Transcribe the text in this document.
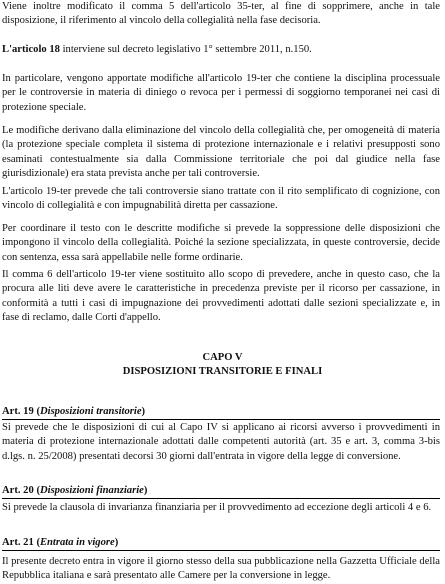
Viene inoltre modificato il comma 5 dell'articolo 35-ter, al fine di sopprimere, anche in tale disposizione, il riferimento al vincolo della collegialità nella fase decisoria.

L'articolo 18 interviene sul decreto legislativo 1° settembre 2011, n.150.

In particolare, vengono apportate modifiche all'articolo 19-ter che contiene la disciplina processuale per le controversie in materia di diniego o revoca per i permessi di soggiorno temporanei nei casi di protezione speciale.

Le modifiche derivano dalla eliminazione del vincolo della collegialità che, per omogeneità di materia (la protezione speciale completa il sistema di protezione internazionale e i relativi presupposti sono esaminati contestualmente sia dalla Commissione territoriale che poi dal giudice nella fase giurisdizionale) era stata prevista anche per tali controversie.

L'articolo 19-ter prevede che tali controversie siano trattate con il rito semplificato di cognizione, con vincolo di collegialità e con impugnabilità diretta per cassazione.

Per coordinare il testo con le descritte modifiche si prevede la soppressione delle disposizioni che impongono il vincolo della collegialità. Poiché la sezione specializzata, in queste controversie, decide con sentenza, essa sarà appellabile nelle forme ordinarie.

Il comma 6 dell'articolo 19-ter viene sostituito allo scopo di prevedere, anche in questo caso, che la procura alle liti deve avere le caratteristiche in precedenza previste per il ricorso per cassazione, in conformità a tutti i casi di impugnazione dei provvedimenti adottati dalle sezioni specializzate e, in fase di reclamo, dalle Corti d'appello.

CAPO V

DISPOSIZIONI TRANSITORIE E FINALI

Art. 19 (Disposizioni transitorie)

Si prevede che le disposizioni di cui al Capo IV si applicano ai ricorsi avverso i provvedimenti in materia di protezione internazionale adottati dalle competenti autorità (art. 35 e art. 3, comma 3-bis d.lgs. n. 25/2008) presentati decorsi 30 giorni dall'entrata in vigore della legge di conversione.

Art. 20 (Disposizioni finanziarie)

Si prevede la clausola di invarianza finanziaria per il provvedimento ad eccezione degli articoli 4 e 6.

Art. 21 (Entrata in vigore)

Il presente decreto entra in vigore il giorno stesso della sua pubblicazione nella Gazzetta Ufficiale della Repubblica italiana e sarà presentato alle Camere per la conversione in legge.
